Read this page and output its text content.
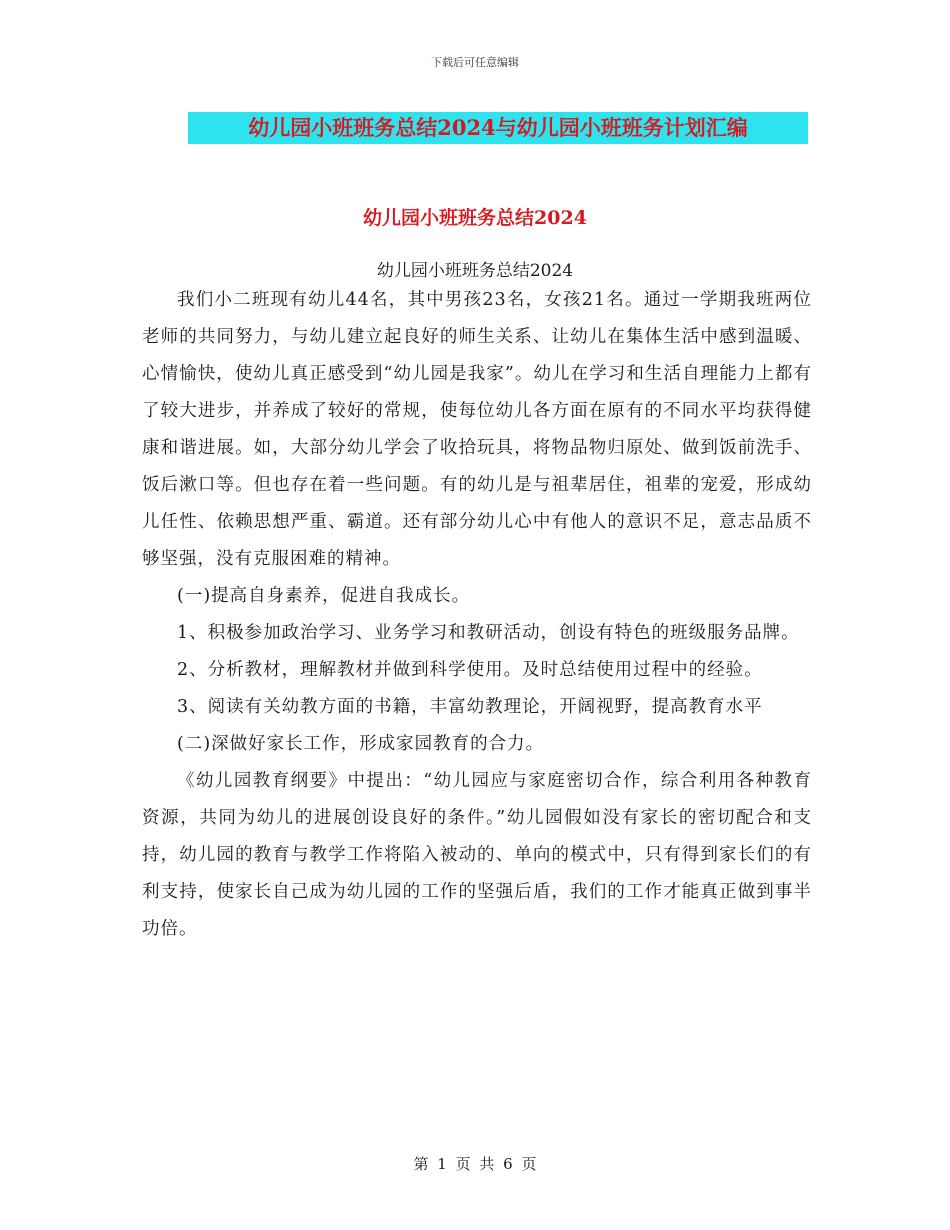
下载后可任意编辑
幼儿园小班班务总结2024与幼儿园小班班务计划汇编
幼儿园小班班务总结2024
幼儿园小班班务总结2024

我们小二班现有幼儿44名，其中男孩23名，女孩21名。通过一学期我班两位老师的共同努力，与幼儿建立起良好的师生关系、让幼儿在集体生活中感到温暖、心情愉快，使幼儿真正感受到“幼儿园是我家”。幼儿在学习和生活自理能力上都有了较大进步，并养成了较好的常规，使每位幼儿各方面在原有的不同水平均获得健康和谐进展。如，大部分幼儿学会了收拾玩具，将物品物归原处、做到饭前洗手、饭后漱口等。但也存在着一些问题。有的幼儿是与祖辈居住，祖辈的宠爱，形成幼儿任性、依赖思想严重、霸道。还有部分幼儿心中有他人的意识不足，意志品质不够坚强，没有克服困难的精神。

(一)提高自身素养，促进自我成长。

1、积极参加政治学习、业务学习和教研活动，创设有特色的班级服务品牌。

2、分析教材，理解教材并做到科学使用。及时总结使用过程中的经验。

3、阅读有关幼教方面的书籍，丰富幼教理论，开阔视野，提高教育水平

(二)深做好家长工作，形成家园教育的合力。

《幼儿园教育纲要》中提出：“幼儿园应与家庭密切合作，综合利用各种教育资源，共同为幼儿的进展创设良好的条件。”幼儿园假如没有家长的密切配合和支持，幼儿园的教育与教学工作将陷入被动的、单向的模式中，只有得到家长们的有利支持，使家长自己成为幼儿园的工作的坚强后盾，我们的工作才能真正做到事半功倍。

第 1 页 共 6 页
